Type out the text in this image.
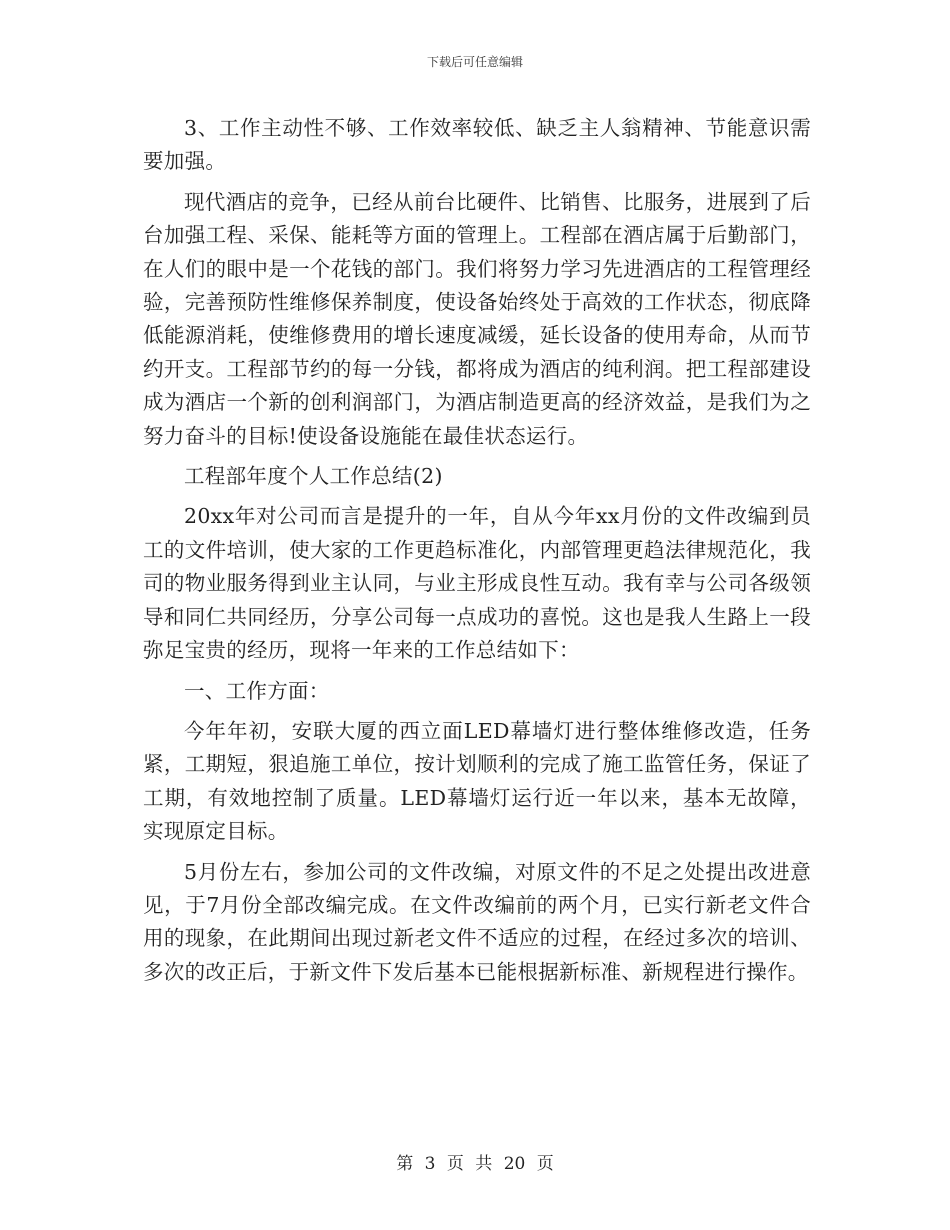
下载后可任意编辑

3、工作主动性不够、工作效率较低、缺乏主人翁精神、节能意识需要加强。

现代酒店的竞争，已经从前台比硬件、比销售、比服务，进展到了后台加强工程、采保、能耗等方面的管理上。工程部在酒店属于后勤部门，在人们的眼中是一个花钱的部门。我们将努力学习先进酒店的工程管理经验，完善预防性维修保养制度，使设备始终处于高效的工作状态，彻底降低能源消耗，使维修费用的增长速度减缓，延长设备的使用寿命，从而节约开支。工程部节约的每一分钱，都将成为酒店的纯利润。把工程部建设成为酒店一个新的创利润部门，为酒店制造更高的经济效益，是我们为之努力奋斗的目标!使设备设施能在最佳状态运行。

工程部年度个人工作总结(2)

20xx年对公司而言是提升的一年，自从今年xx月份的文件改编到员工的文件培训，使大家的工作更趋标准化，内部管理更趋法律规范化，我司的物业服务得到业主认同，与业主形成良性互动。我有幸与公司各级领导和同仁共同经历，分享公司每一点成功的喜悦。这也是我人生路上一段弥足宝贵的经历，现将一年来的工作总结如下：

一、工作方面：

今年年初，安联大厦的西立面LED幕墙灯进行整体维修改造，任务紧，工期短，狠追施工单位，按计划顺利的完成了施工监管任务，保证了工期，有效地控制了质量。LED幕墙灯运行近一年以来，基本无故障，实现原定目标。

5月份左右，参加公司的文件改编，对原文件的不足之处提出改进意见，于7月份全部改编完成。在文件改编前的两个月，已实行新老文件合用的现象，在此期间出现过新老文件不适应的过程，在经过多次的培训、多次的改正后，于新文件下发后基本已能根据新标准、新规程进行操作。

第 3 页 共 20 页
